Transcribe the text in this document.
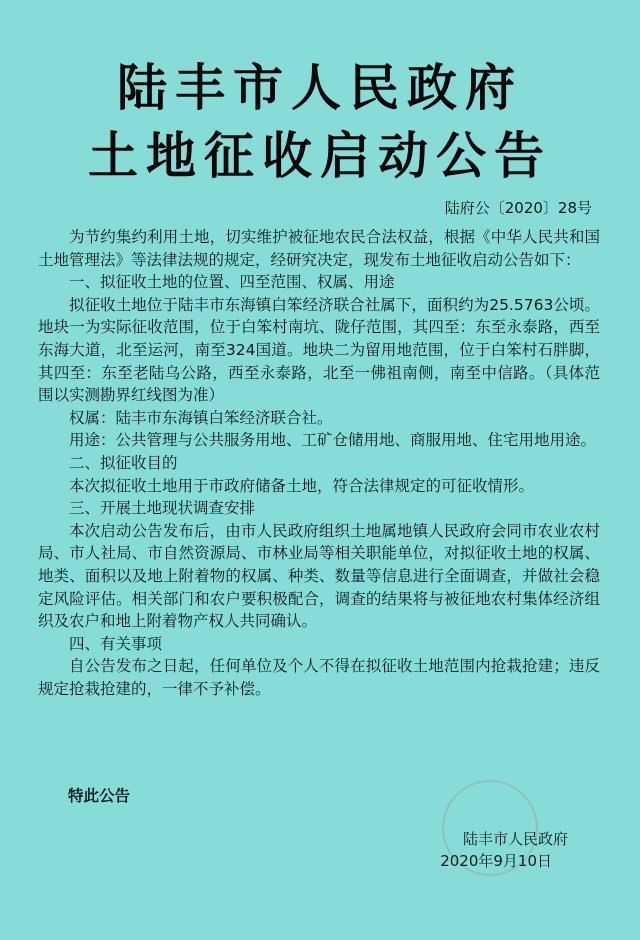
陆丰市人民政府
土地征收启动公告
陆府公〔2020〕28号

为节约集约利用土地，切实维护被征地农民合法权益，根据《中华人民共和国土地管理法》等法律法规的规定，经研究决定，现发布土地征收启动公告如下：

一、拟征收土地的位置、四至范围、权属、用途

拟征收土地位于陆丰市东海镇白笨经济联合社属下，面积约为25.5763公顷。地块一为实际征收范围，位于白笨村南坑、陇仔范围，其四至：东至永泰路，西至东海大道，北至运河，南至324国道。地块二为留用地范围，位于白笨村石胖脚，其四至：东至老陆乌公路，西至永泰路，北至一佛祖南侧，南至中信路。（具体范围以实测勘界红线图为准）

权属：陆丰市东海镇白笨经济联合社。

用途：公共管理与公共服务用地、工矿仓储用地、商服用地、住宅用地用途。

二、拟征收目的

本次拟征收土地用于市政府储备土地，符合法律规定的可征收情形。

三、开展土地现状调查安排

本次启动公告发布后，由市人民政府组织土地属地镇人民政府会同市农业农村局、市人社局、市自然资源局、市林业局等相关职能单位，对拟征收土地的权属、地类、面积以及地上附着物的权属、种类、数量等信息进行全面调查，并做社会稳定风险评估。相关部门和农户要积极配合，调查的结果将与被征地农村集体经济组织及农户和地上附着物产权人共同确认。

四、有关事项

自公告发布之日起，任何单位及个人不得在拟征收土地范围内抢栽抢建；违反规定抢栽抢建的，一律不予补偿。

特此公告
陆丰市人民政府
2020年9月10日
